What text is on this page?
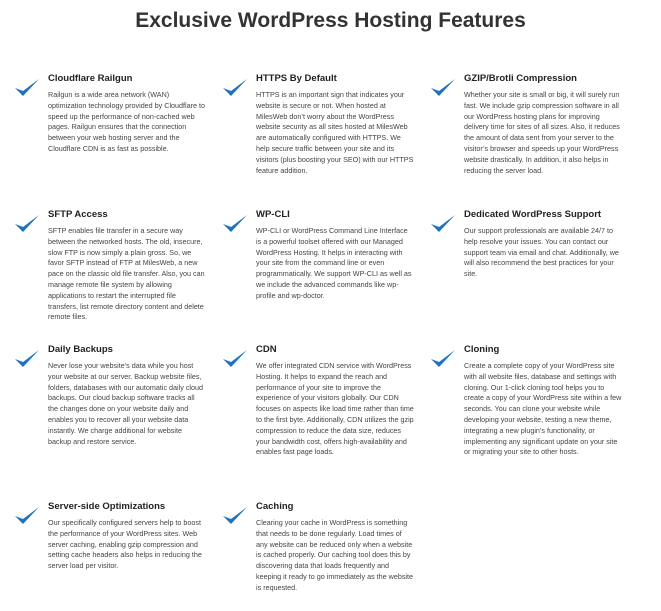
Exclusive WordPress Hosting Features
Cloudflare Railgun

Railgun is a wide area network (WAN) optimization technology provided by Cloudflare to speed up the performance of non-cached web pages. Railgun ensures that the connection between your web hosting server and the Cloudflare CDN is as fast as possible.

HTTPS By Default

HTTPS is an important sign that indicates your website is secure or not. When hosted at MilesWeb don’t worry about the WordPress website security as all sites hosted at MilesWeb are automatically configured with HTTPS. We help secure traffic between your site and its visitors (plus boosting your SEO) with our HTTPS feature addition.

GZIP/Brotli Compression

Whether your site is small or big, it will surely run fast. We include gzip compression software in all our WordPress hosting plans for improving delivery time for sites of all sizes. Also, it reduces the amount of data sent from your server to the visitor’s browser and speeds up your WordPress website drastically. In addition, it also helps in reducing the server load.

SFTP Access

SFTP enables file transfer in a secure way between the networked hosts. The old, insecure, slow FTP is now simply a plain gross. So, we favor SFTP instead of FTP at MilesWeb, a new pace on the classic old file transfer. Also, you can manage remote file system by allowing applications to restart the interrupted file transfers, list remote directory content and delete remote files.

WP-CLI

WP-CLI or WordPress Command Line Interface is a powerful toolset offered with our Managed WordPress Hosting. It helps in interacting with your site from the command line or even programmatically. We support WP-CLI as well as we include the advanced commands like wp-profile and wp-doctor.

Dedicated WordPress Support

Our support professionals are available 24/7 to help resolve your issues. You can contact our support team via email and chat. Additionally, we will also recommend the best practices for your site.

Daily Backups

Never lose your website’s data while you host your website at our server. Backup website files, folders, databases with our automatic daily cloud backups. Our cloud backup software tracks all the changes done on your website daily and enables you to recover all your website data instantly. We charge additional for website backup and restore service.

CDN

We offer integrated CDN service with WordPress Hosting. It helps to expand the reach and performance of your site to improve the experience of your visitors globally. Our CDN focuses on aspects like load time rather than time to the first byte. Additionally, CDN utilizes the gzip compression to reduce the data size, reduces your bandwidth cost, offers high-availability and enables fast page loads.

Cloning

Create a complete copy of your WordPress site with all website files, database and settings with cloning. Our 1-click cloning tool helps you to create a copy of your WordPress site within a few seconds. You can clone your website while developing your website, testing a new theme, integrating a new plugin’s functionality, or implementing any significant update on your site or migrating your site to other hosts.

Server-side Optimizations

Our specifically configured servers help to boost the performance of your WordPress sites. Web server caching, enabling gzip compression and setting cache headers also helps in reducing the server load per visitor.

Caching

Clearing your cache in WordPress is something that needs to be done regularly. Load times of any website can be reduced only when a website is cached properly. Our caching tool does this by discovering data that loads frequently and keeping it ready to go immediately as the website is requested.
